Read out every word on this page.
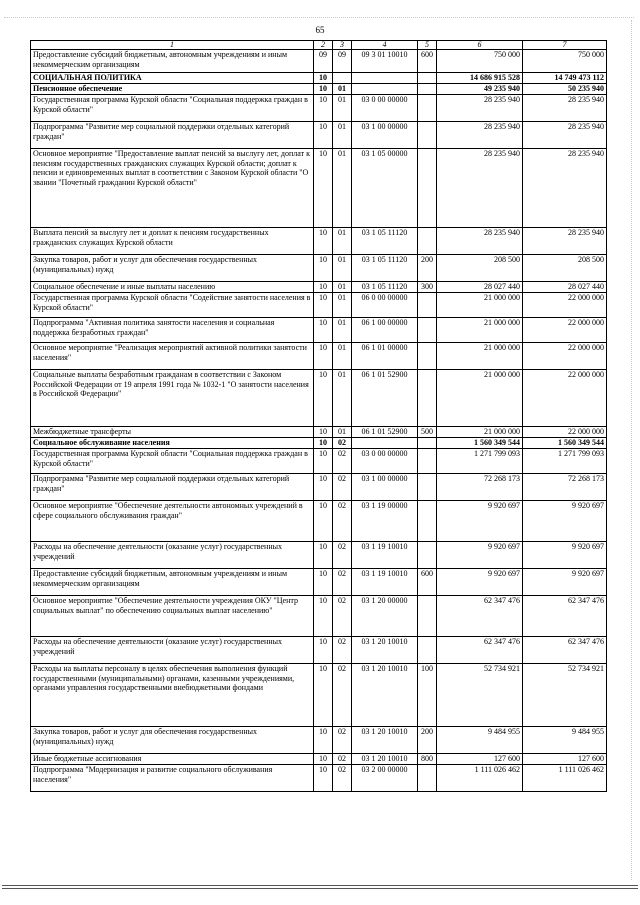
65
1	2	3	4	5	6	7
Предоставление субсидий бюджетным, автономным учреждениям и иным некоммерческим организациям	09	09	09 3 01 10010	600	750 000	750 000
СОЦИАЛЬНАЯ ПОЛИТИКА	10				14 686 915 528	14 749 473 112
Пенсионное обеспечение	10	01			49 235 940	50 235 940
Государственная программа Курской области "Социальная поддержка граждан в Курской области"	10	01	03 0 00 00000		28 235 940	28 235 940
Подпрограмма "Развитие мер социальной поддержки отдельных категорий граждан"	10	01	03 1 00 00000		28 235 940	28 235 940
Основное мероприятие "Предоставление выплат пенсий за выслугу лет, доплат к пенсиям государственных гражданских служащих Курской области; доплат к пенсии и единовременных выплат в соответствии с Законом Курской области "О звании "Почетный гражданин Курской области"	10	01	03 1 05 00000		28 235 940	28 235 940
Выплата пенсий за выслугу лет и доплат к пенсиям государственных гражданских служащих Курской области	10	01	03 1 05 11120		28 235 940	28 235 940
Закупка товаров, работ и услуг для обеспечения государственных (муниципальных) нужд	10	01	03 1 05 11120	200	208 500	208 500
Социальное обеспечение и иные выплаты населению	10	01	03 1 05 11120	300	28 027 440	28 027 440
Государственная программа Курской области "Содействие занятости населения в Курской области"	10	01	06 0 00 00000		21 000 000	22 000 000
Подпрограмма "Активная политика занятости населения и социальная поддержка безработных граждан"	10	01	06 1 00 00000		21 000 000	22 000 000
Основное мероприятие "Реализация мероприятий активной политики занятости населения"	10	01	06 1 01 00000		21 000 000	22 000 000
Социальные выплаты безработным гражданам в соответствии с Законом Российской Федерации от 19 апреля 1991 года № 1032-1 "О занятости населения в Российской Федерации"	10	01	06 1 01 52900		21 000 000	22 000 000
Межбюджетные трансферты	10	01	06 1 01 52900	500	21 000 000	22 000 000
Социальное обслуживание населения	10	02			1 560 349 544	1 560 349 544
Государственная программа Курской области "Социальная поддержка граждан в Курской области"	10	02	03 0 00 00000		1 271 799 093	1 271 799 093
Подпрограмма "Развитие мер социальной поддержки отдельных категорий граждан"	10	02	03 1 00 00000		72 268 173	72 268 173
Основное мероприятие "Обеспечение деятельности автономных учреждений в сфере социального обслуживания граждан"	10	02	03 1 19 00000		9 920 697	9 920 697
Расходы на обеспечение деятельности (оказание услуг) государственных учреждений	10	02	03 1 19 10010		9 920 697	9 920 697
Предоставление субсидий бюджетным, автономным учреждениям и иным некоммерческим организациям	10	02	03 1 19 10010	600	9 920 697	9 920 697
Основное мероприятие "Обеспечение деятельности учреждения ОКУ "Центр социальных выплат" по обеспечению социальных выплат населению"	10	02	03 1 20 00000		62 347 476	62 347 476
Расходы на обеспечение деятельности (оказание услуг) государственных учреждений	10	02	03 1 20 10010		62 347 476	62 347 476
Расходы на выплаты персоналу в целях обеспечения выполнения функций государственными (муниципальными) органами, казенными учреждениями, органами управления государственными внебюджетными фондами	10	02	03 1 20 10010	100	52 734 921	52 734 921
Закупка товаров, работ и услуг для обеспечения государственных (муниципальных) нужд	10	02	03 1 20 10010	200	9 484 955	9 484 955
Иные бюджетные ассигнования	10	02	03 1 20 10010	800	127 600	127 600
Подпрограмма "Модернизация и развитие социального обслуживания населения"	10	02	03 2 00 00000		1 111 026 462	1 111 026 462
